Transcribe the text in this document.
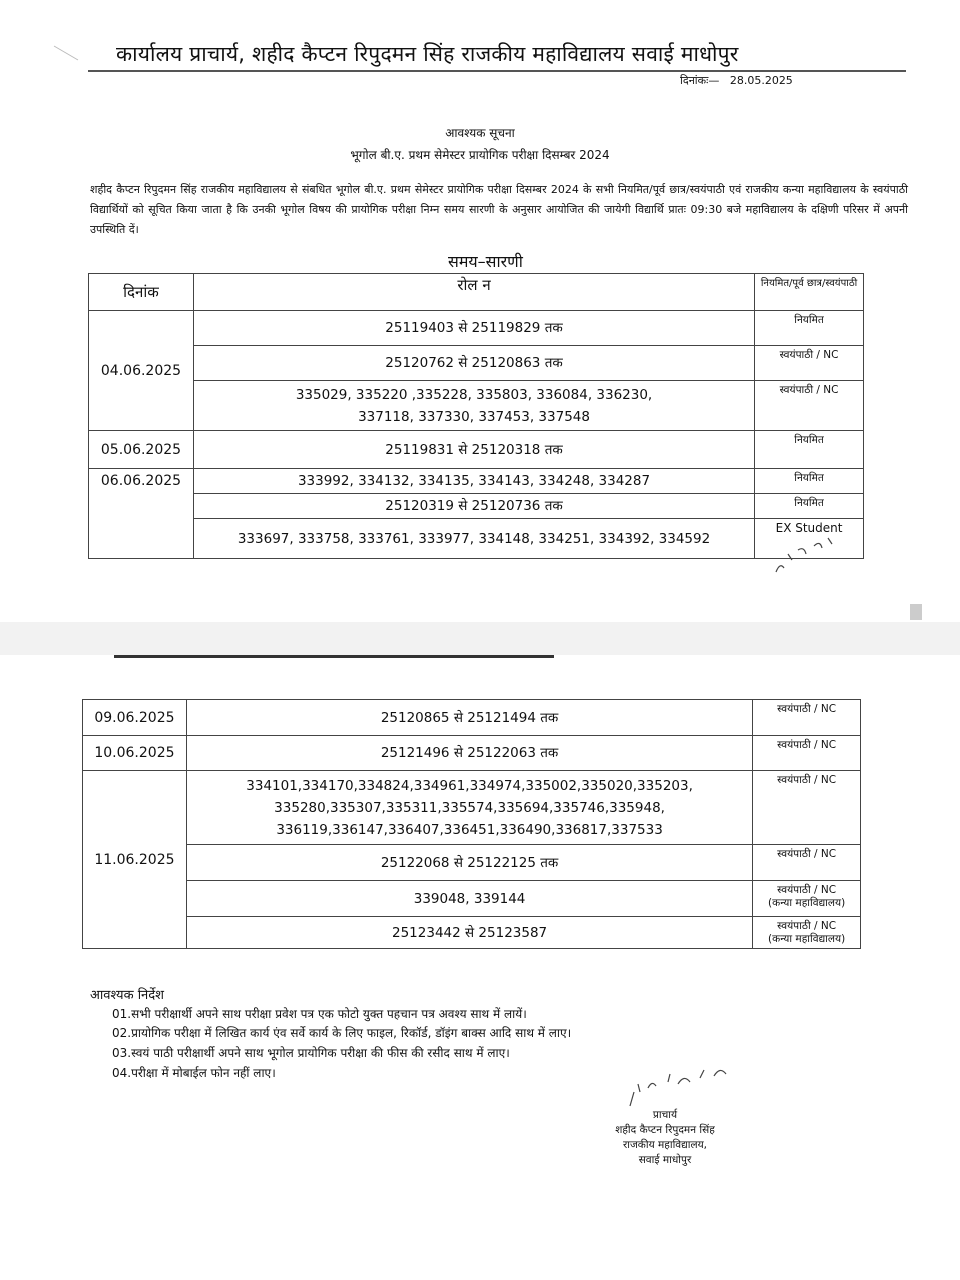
कार्यालय प्राचार्य, शहीद कैप्टन रिपुदमन सिंह राजकीय महाविद्यालय सवाई माधोपुर
दिनांकः— 28.05.2025
आवश्यक सूचना
भूगोल बी.ए. प्रथम सेमेस्टर प्रायोगिक परीक्षा दिसम्बर 2024
शहीद कैप्टन रिपुदमन सिंह राजकीय महाविद्यालय से संबधित भूगोल बी.ए. प्रथम सेमेस्टर प्रायोगिक परीक्षा दिसम्बर 2024 के सभी नियमित/पूर्व छात्र/स्वयंपाठी एवं राजकीय कन्या महाविद्यालय के स्वयंपाठी विद्यार्थियों को सूचित किया जाता है कि उनकी भूगोल विषय की प्रायोगिक परीक्षा निम्न समय सारणी के अनुसार आयोजित की जायेगी विद्यार्थि प्रातः 09:30 बजे महाविद्यालय के दक्षिणी परिसर में अपनी उपस्थिति दें।
समय–सारणी
दिनांक	रोल न	नियमित/पूर्व छात्र/स्वयंपाठी
04.06.2025	25119403 से 25119829 तक	नियमित
	25120762 से 25120863 तक	स्वयंपाठी / NC

	335029, 335220 ,335228, 335803, 336084, 336230,
337118, 337330, 337453, 337548	स्वयंपाठी / NC
05.06.2025	25119831 से 25120318 तक	नियमित
06.06.2025	333992, 334132, 334135, 334143, 334248, 334287	नियमित
	25120319 से 25120736 तक	नियमित
	333697, 333758, 333761, 333977, 334148, 334251, 334392, 334592	EX Student
09.06.2025	25120865 से 25121494 तक	स्वयंपाठी / NC
10.06.2025	25121496 से 25122063 तक	स्वयंपाठी / NC
11.06.2025	334101,334170,334824,334961,334974,335002,335020,335203,
335280,335307,335311,335574,335694,335746,335948,
336119,336147,336407,336451,336490,336817,337533	स्वयंपाठी / NC
	25122068 से 25122125 तक	स्वयंपाठी / NC
	339048, 339144	स्वयंपाठी / NC
(कन्या महाविद्यालय)

	25123442 से 25123587	स्वयंपाठी / NC
(कन्या महाविद्यालय)
आवश्यक निर्देश
01.सभी परीक्षार्थी अपने साथ परीक्षा प्रवेश पत्र एक फोटो युक्त पहचान पत्र अवश्य साथ में लायें।
02.प्रायोगिक परीक्षा में लिखित कार्य एंव सर्वे कार्य के लिए फाइल, रिकॉर्ड, डॉइंग बाक्स आदि साथ में लाए।
03.स्वयं पाठी परीक्षार्थी अपने साथ भूगोल प्रायोगिक परीक्षा की फीस की रसीद साथ में लाए।
04.परीक्षा में मोबाईल फोन नहीं लाए।
प्राचार्य
शहीद कैप्टन रिपुदमन सिंह
राजकीय महाविद्यालय,
सवाई माधोपुर
